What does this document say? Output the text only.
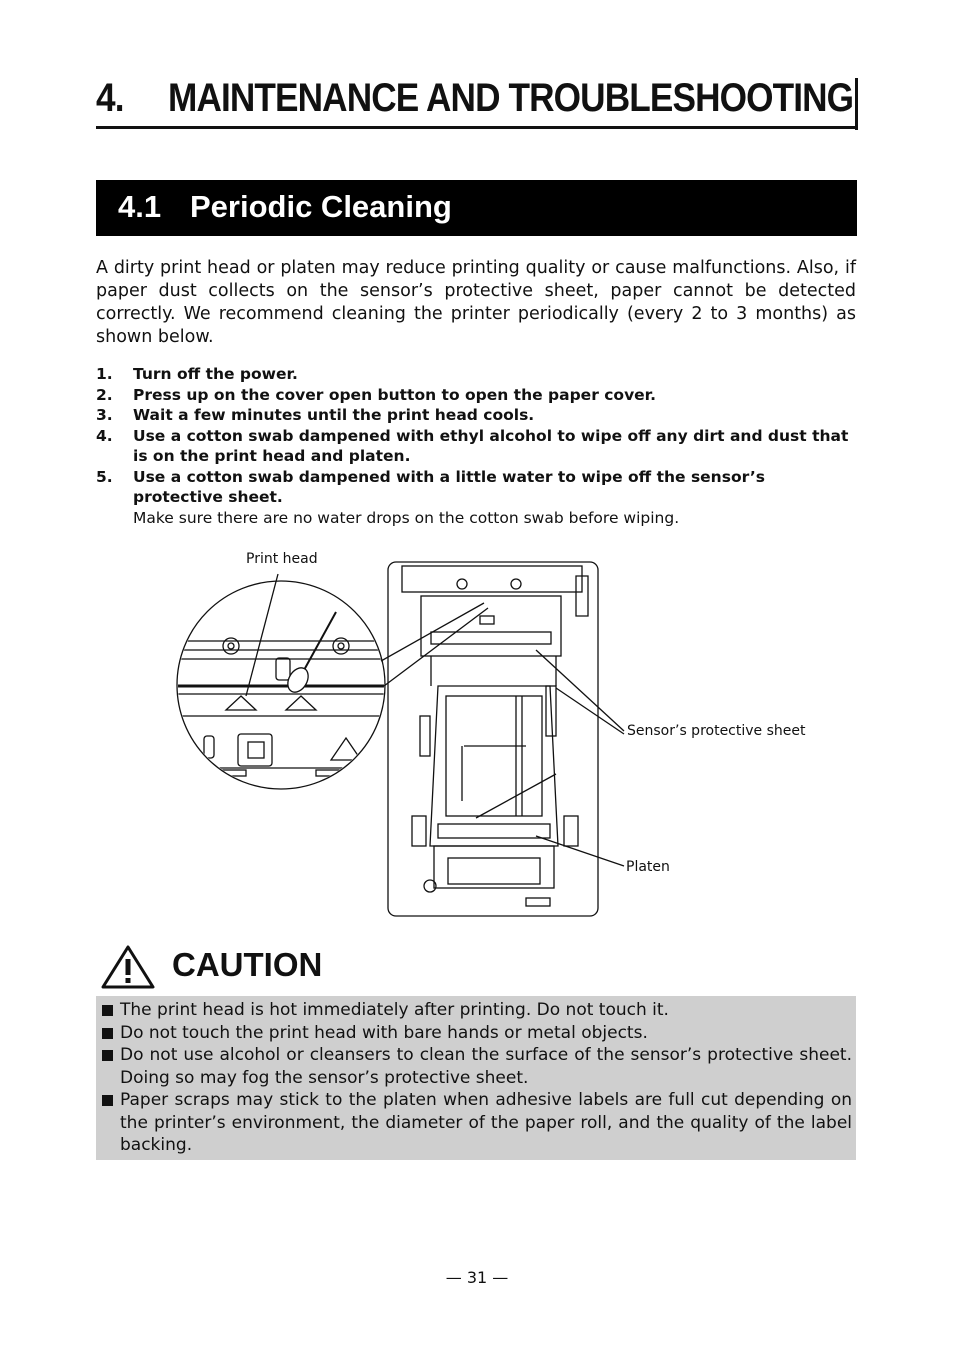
4. MAINTENANCE AND TROUBLESHOOTING
4.1 Periodic Cleaning

A dirty print head or platen may reduce printing quality or cause malfunctions. Also, if paper dust collects on the sensor’s protective sheet, paper cannot be detected correctly. We recommend cleaning the printer periodically (every 2 to 3 months) as shown below.

1. Turn off the power.
2. Press up on the cover open button to open the paper cover.
3. Wait a few minutes until the print head cools.
4. Use a cotton swab dampened with ethyl alcohol to wipe off any dirt and dust that is on the print head and platen.
5. Use a cotton swab dampened with a little water to wipe off the sensor’s protective sheet.
Make sure there are no water drops on the cotton swab before wiping.
Print head
Sensor’s protective sheet
Platen
CAUTION
The print head is hot immediately after printing. Do not touch it.
Do not touch the print head with bare hands or metal objects.
Do not use alcohol or cleansers to clean the surface of the sensor’s protective sheet. Doing so may fog the sensor’s protective sheet.
Paper scraps may stick to the platen when adhesive labels are full cut depending on the printer’s environment, the diameter of the paper roll, and the quality of the label backing.
— 31 —
